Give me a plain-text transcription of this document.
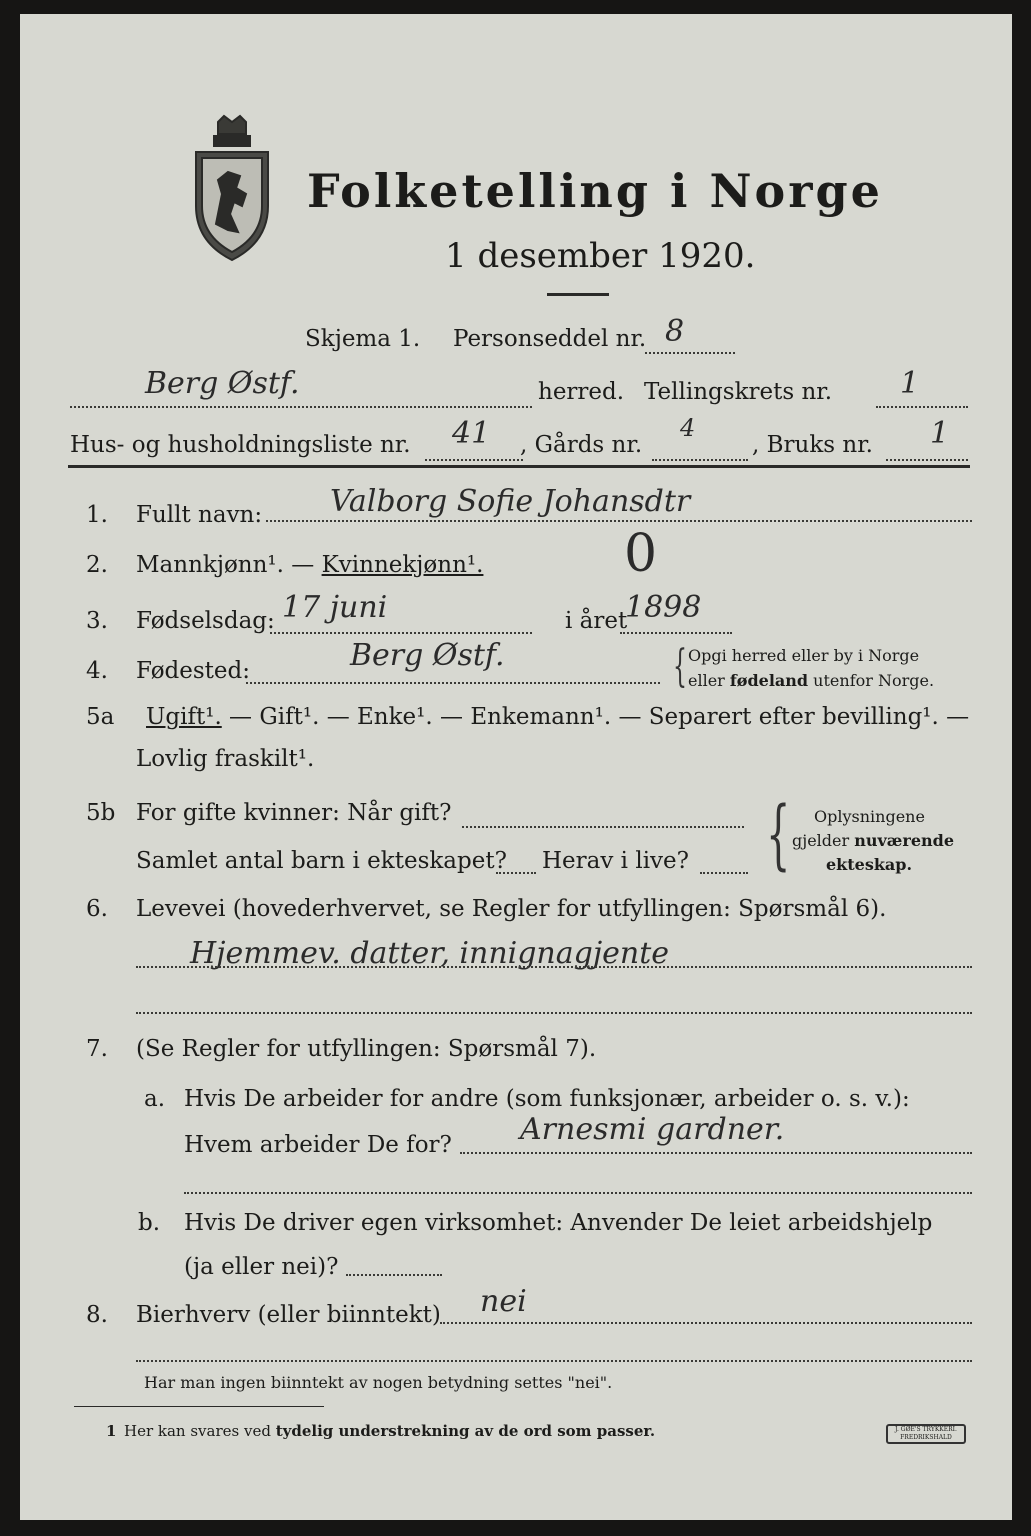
Folketelling i Norge
1 desember 1920.
Skjema 1. Personseddel nr. 8
Berg Østf.	herred. Tellingskrets nr. 1
Hus- og husholdningsliste nr. 41 , Gårds nr.
4
, Bruks nr. 1
1. Fullt navn: Valborg Sofie Johansdtr
2. Mannkjønn¹. — Kvinnekjønn¹.	0
3. Fødselsdag: 17 juni	i året
1898
4. Fødested:	Berg Østf.	{ Opgi herred eller by i Norge
eller fødeland utenfor Norge.
5a Ugift¹. — Gift¹. — Enke¹. — Enkemann¹. — Separert efter bevilling¹. —
Lovlig fraskilt¹.
5b For gifte kvinner: Når gift?
Samlet antal barn i ekteskapet? Herav i live? { Oplysningene
gjelder nuværende
ekteskap.
6. Levevei (hovederhvervet, se Regler for utfyllingen: Spørsmål 6).
Hjemmev. datter, innignagjente
7. (Se Regler for utfyllingen: Spørsmål 7).
a. Hvis De arbeider for andre (som funksjonær, arbeider o. s. v.):
Hvem arbeider De for? Arnesmi gardner.
b. Hvis De driver egen virksomhet: Anvender De leiet arbeidshjelp
(ja eller nei)?
8. Bierhverv (eller biinntekt) nei
Har man ingen biinntekt av nogen betydning settes "nei".
1 Her kan svares ved tydelig understrekning av de ord som passer.	J. GØE'S TRYKKERI. FREDRIKSHALD
